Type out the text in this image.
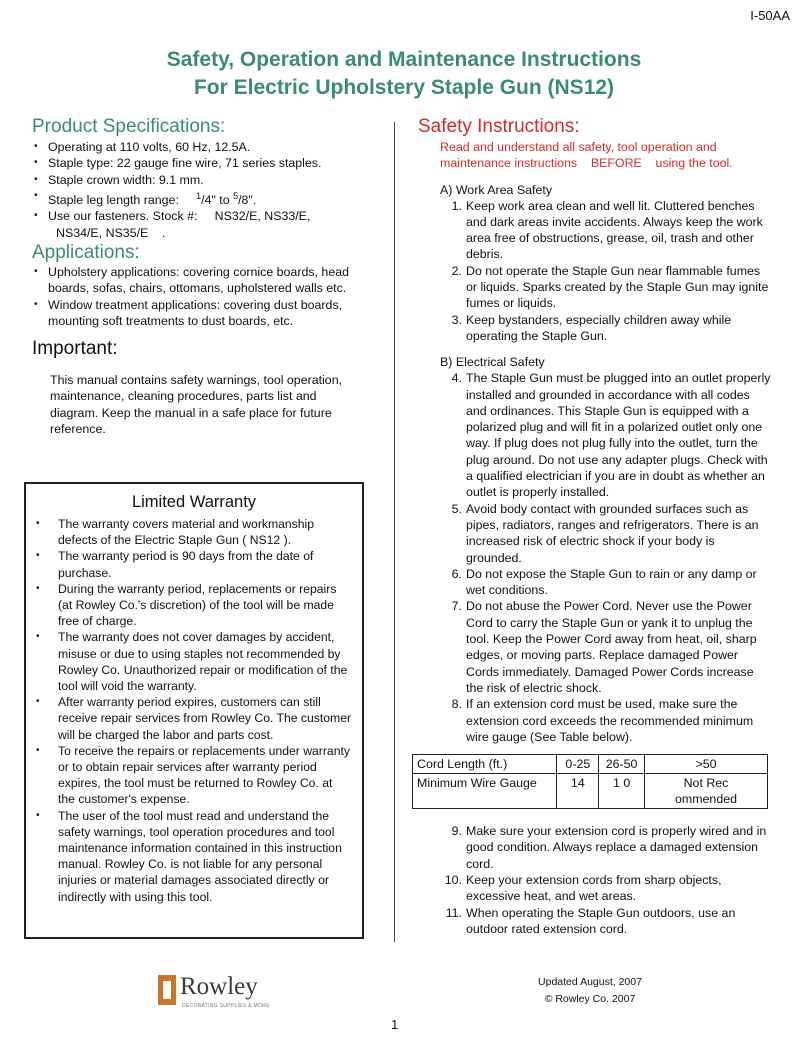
I-50AA
Safety, Operation and Maintenance Instructions
For Electric Upholstery Staple Gun (NS12)
Product Specifications:
• Operating at 110 volts, 60 Hz, 12.5A.
• Staple type: 22 gauge fine wire, 71 series staples.
• Staple crown width: 9.1 mm.
• Staple leg length range: $^1$/4" to $^5$/8".
• Use our fasteners. Stock #:     NS32/E, NS33/E,
NS34/E, NS35/E    .
Applications:
• Upholstery applications: covering cornice boards, head boards, sofas, chairs, ottomans, upholstered walls etc.
• Window treatment applications: covering dust boards, mounting soft treatments to dust boards, etc.
Important:
This manual contains safety warnings, tool operation, maintenance, cleaning procedures, parts list and diagram. Keep the manual in a safe place for future reference.
Limited Warranty
• The warranty covers material and workmanship defects of the Electric Staple Gun ( NS12 ).
• The warranty period is 90 days from the date of purchase.
• During the warranty period, replacements or repairs (at Rowley Co.'s discretion) of the tool will be made free of charge.
• The warranty does not cover damages by accident, misuse or due to using staples not recommended by Rowley Co. Unauthorized repair or modification of the tool will void the warranty.
• After warranty period expires, customers can still receive repair services from Rowley Co. The customer will be charged the labor and parts cost.
• To receive the repairs or replacements under warranty or to obtain repair services after warranty period expires, the tool must be returned to Rowley Co. at the customer's expense.
• The user of the tool must read and understand the safety warnings, tool operation procedures and tool maintenance information contained in this instruction manual. Rowley Co. is not liable for any personal injuries or material damages associated directly or indirectly with using this tool.
Safety Instructions:
Read and understand all safety, tool operation and maintenance instructions    BEFORE    using the tool.
A) Work Area Safety
1. Keep work area clean and well lit. Cluttered benches and dark areas invite accidents. Always keep the work area free of obstructions, grease, oil, trash and other debris.
2. Do not operate the Staple Gun near flammable fumes or liquids. Sparks created by the Staple Gun may ignite fumes or liquids.
3. Keep bystanders, especially children away while operating the Staple Gun.
B) Electrical Safety
4. The Staple Gun must be plugged into an outlet properly installed and grounded in accordance with all codes and ordinances. This Staple Gun is equipped with a polarized plug and will fit in a polarized outlet only one way. If plug does not plug fully into the outlet, turn the plug around. Do not use any adapter plugs. Check with a qualified electrician if you are in doubt as whether an outlet is properly installed.
5. Avoid body contact with grounded surfaces such as pipes, radiators, ranges and refrigerators. There is an increased risk of electric shock if your body is grounded.
6. Do not expose the Staple Gun to rain or any damp or wet conditions.
7. Do not abuse the Power Cord. Never use the Power Cord to carry the Staple Gun or yank it to unplug the tool. Keep the Power Cord away from heat, oil, sharp edges, or moving parts. Replace damaged Power Cords immediately. Damaged Power Cords increase the risk of electric shock.
8. If an extension cord must be used, make sure the extension cord exceeds the recommended minimum wire gauge (See Table below).
Cord Length (ft.)	0-25	26-50	>50
Minimum Wire Gauge	14	1 0	Not Rec ommended
9. Make sure your extension cord is properly wired and in good condition. Always replace a damaged extension cord.
10. Keep your extension cords from sharp objects, excessive heat, and wet areas.
11. When operating the Staple Gun outdoors, use an outdoor rated extension cord.
Rowley
DECORATING SUPPLIES & MORE
Updated August, 2007
© Rowley Co. 2007
1
